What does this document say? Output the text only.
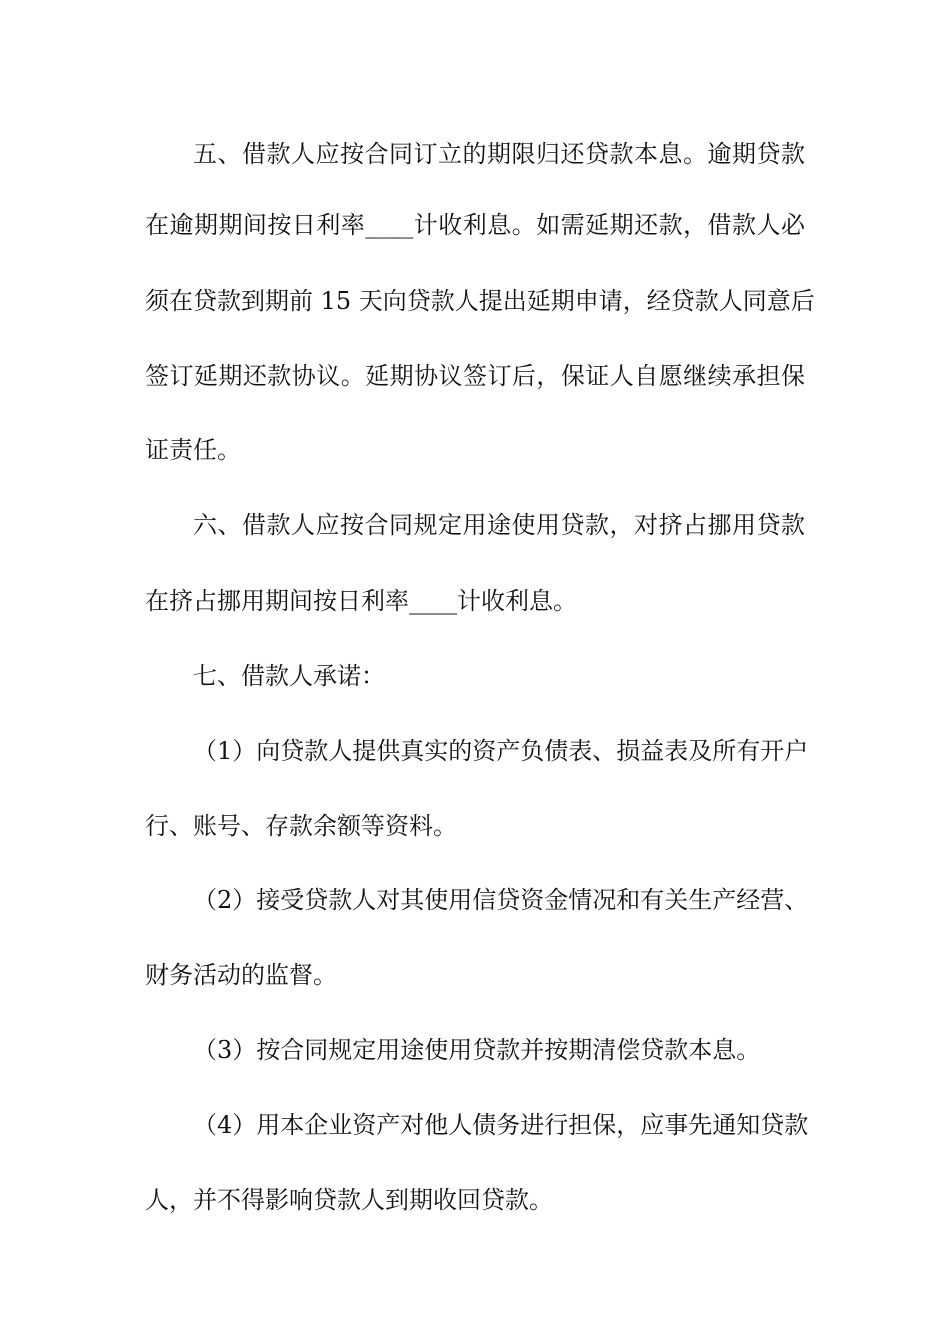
五、借款人应按合同订立的期限归还贷款本息。逾期贷款
在逾期期间按日利率____计收利息。如需延期还款，借款人必
须在贷款到期前 15 天向贷款人提出延期申请，经贷款人同意后
签订延期还款协议。延期协议签订后，保证人自愿继续承担保
证责任。
六、借款人应按合同规定用途使用贷款，对挤占挪用贷款
在挤占挪用期间按日利率____计收利息。
七、借款人承诺：
（1）向贷款人提供真实的资产负债表、损益表及所有开户
行、账号、存款余额等资料。
（2）接受贷款人对其使用信贷资金情况和有关生产经营、
财务活动的监督。
（3）按合同规定用途使用贷款并按期清偿贷款本息。
（4）用本企业资产对他人债务进行担保，应事先通知贷款
人，并不得影响贷款人到期收回贷款。
